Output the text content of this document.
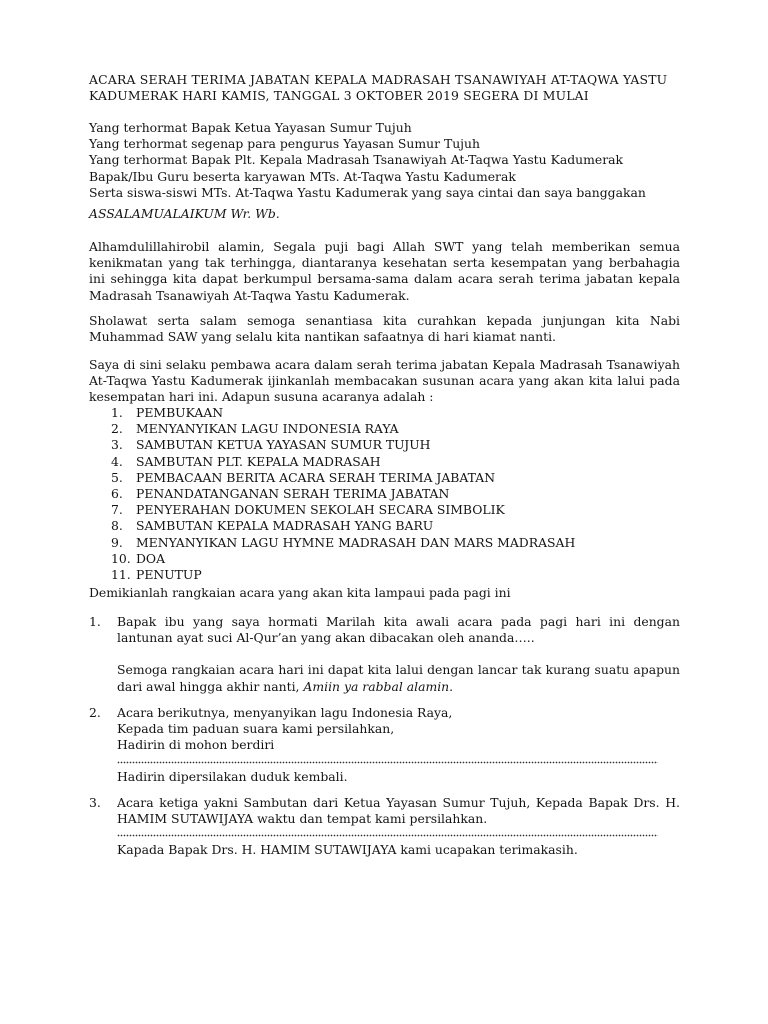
ACARA SERAH TERIMA JABATAN KEPALA MADRASAH TSANAWIYAH AT-TAQWA YASTU

KADUMERAK HARI KAMIS, TANGGAL 3 OKTOBER 2019 SEGERA DI MULAI

Yang terhormat Bapak Ketua Yayasan Sumur Tujuh
Yang terhormat segenap para pengurus Yayasan Sumur Tujuh
Yang terhormat Bapak Plt. Kepala Madrasah Tsanawiyah At-Taqwa Yastu Kadumerak
Bapak/Ibu Guru beserta karyawan MTs. At-Taqwa Yastu Kadumerak
Serta siswa-siswi MTs. At-Taqwa Yastu Kadumerak yang saya cintai dan saya banggakan
ASSALAMUALAIKUM Wr. Wb.

Alhamdulillahirobil alamin, Segala puji bagi Allah SWT yang telah memberikan semua kenikmatan yang tak terhingga, diantaranya kesehatan serta kesempatan yang berbahagia ini sehingga kita dapat berkumpul bersama-sama dalam acara serah terima jabatan kepala Madrasah Tsanawiyah At-Taqwa Yastu Kadumerak.

Sholawat serta salam semoga senantiasa kita curahkan kepada junjungan kita Nabi Muhammad SAW yang selalu kita nantikan safaatnya di hari kiamat nanti.

Saya di sini selaku pembawa acara dalam serah terima jabatan Kepala Madrasah Tsanawiyah At-Taqwa Yastu Kadumerak ijinkanlah membacakan susunan acara yang akan kita lalui pada kesempatan hari ini. Adapun susuna acaranya adalah :

1. PEMBUKAAN
2. MENYANYIKAN LAGU INDONESIA RAYA
3. SAMBUTAN KETUA YAYASAN SUMUR TUJUH
4. SAMBUTAN PLT. KEPALA MADRASAH
5. PEMBACAAN BERITA ACARA SERAH TERIMA JABATAN
6. PENANDATANGANAN SERAH TERIMA JABATAN
7. PENYERAHAN DOKUMEN SEKOLAH SECARA SIMBOLIK
8. SAMBUTAN KEPALA MADRASAH YANG BARU
9. MENYANYIKAN LAGU HYMNE MADRASAH DAN MARS MADRASAH
10. DOA
11. PENUTUP

Demikianlah rangkaian acara yang akan kita lampaui pada pagi ini

1. Bapak ibu yang saya hormati Marilah kita awali acara pada pagi hari ini dengan lantunan ayat suci Al-Qur’an yang akan dibacakan oleh ananda…..

Semoga rangkaian acara hari ini dapat kita lalui dengan lancar tak kurang suatu apapun dari awal hingga akhir nanti, Amiin ya rabbal alamin.

2. Acara berikutnya, menyanyikan lagu Indonesia Raya,

Kepada tim paduan suara kami persilahkan,

Hadirin di mohon berdiri

Hadirin dipersilakan duduk kembali.

3. Acara ketiga yakni Sambutan dari Ketua Yayasan Sumur Tujuh, Kepada Bapak Drs. H. HAMIM SUTAWIJAYA waktu dan tempat kami persilahkan.

Kapada Bapak Drs. H. HAMIM SUTAWIJAYA kami ucapakan terimakasih.
